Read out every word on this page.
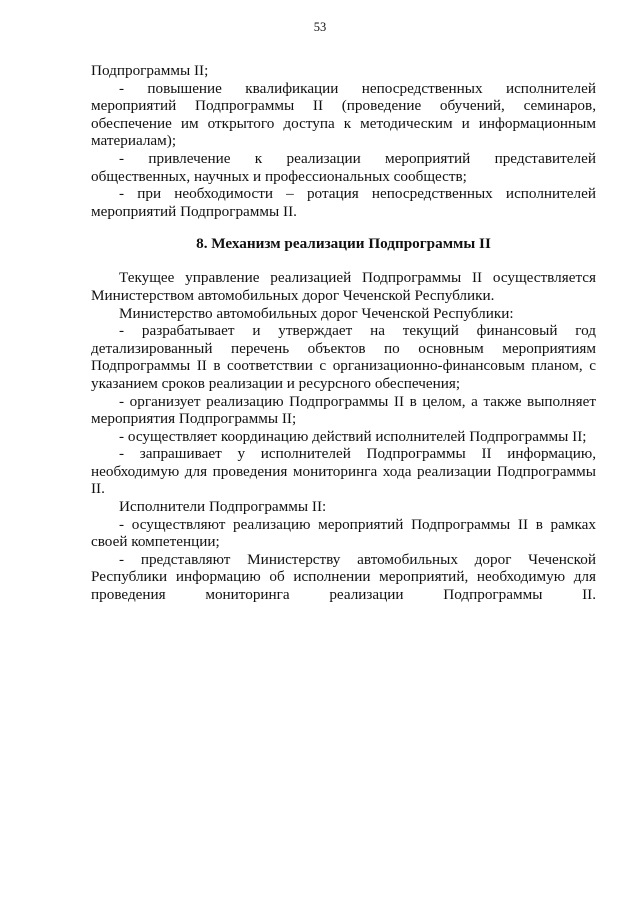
53

Подпрограммы II;

- повышение квалификации непосредственных исполнителей мероприятий Подпрограммы II (проведение обучений, семинаров, обеспечение им открытого доступа к методическим и информационным материалам);

- привлечение к реализации мероприятий представителей общественных, научных и профессиональных сообществ;

- при необходимости – ротация непосредственных исполнителей мероприятий Подпрограммы II.

8. Механизм реализации Подпрограммы II

Текущее управление реализацией Подпрограммы II осуществляется Министерством автомобильных дорог Чеченской Республики.

Министерство автомобильных дорог Чеченской Республики:

- разрабатывает и утверждает на текущий финансовый год детализированный перечень объектов по основным мероприятиям Подпрограммы II в соответствии с организационно-финансовым планом, с указанием сроков реализации и ресурсного обеспечения;

- организует реализацию Подпрограммы II в целом, а также выполняет мероприятия Подпрограммы II;

- осуществляет координацию действий исполнителей Подпрограммы II;

- запрашивает у исполнителей Подпрограммы II информацию, необходимую для проведения мониторинга хода реализации Подпрограммы II.

Исполнители Подпрограммы II:

- осуществляют реализацию мероприятий Подпрограммы II в рамках своей компетенции;

- представляют Министерству автомобильных дорог Чеченской Республики информацию об исполнении мероприятий, необходимую для проведения мониторинга реализации Подпрограммы II.
